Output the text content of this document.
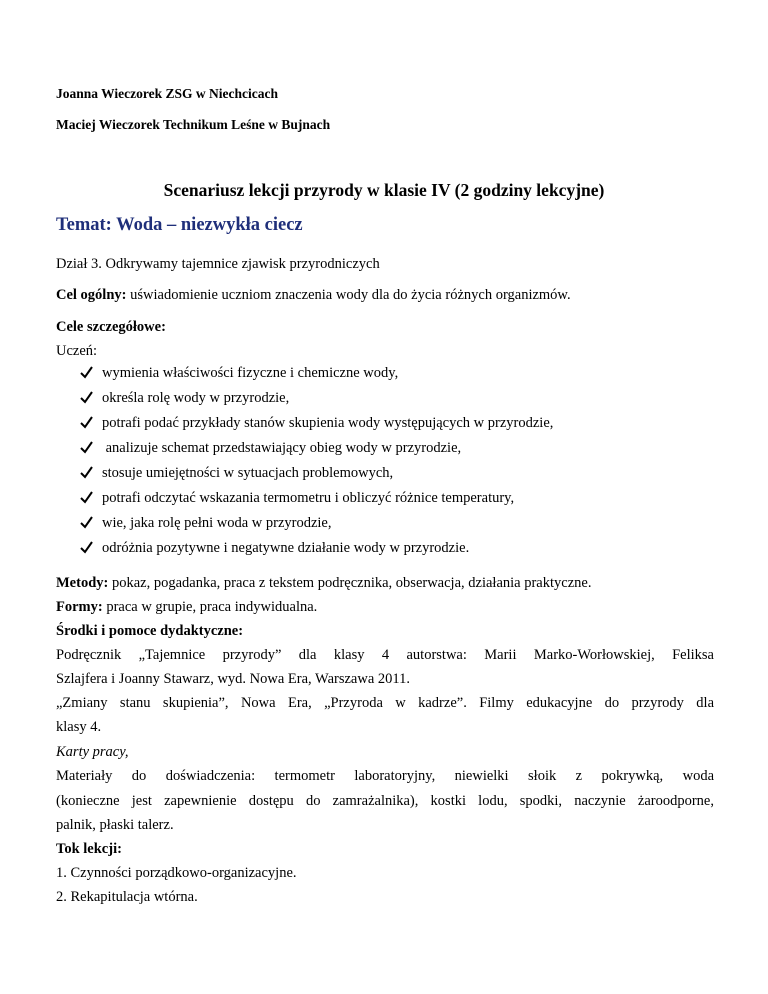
Joanna Wieczorek ZSG w Niechcicach
Maciej Wieczorek Technikum Leśne w Bujnach
Scenariusz lekcji przyrody w klasie IV (2 godziny lekcyjne)
Temat: Woda – niezwykła ciecz
Dział 3. Odkrywamy tajemnice zjawisk przyrodniczych
Cel ogólny: uświadomienie uczniom znaczenia wody dla do życia różnych organizmów.
Cele szczegółowe:
Uczeń:
wymienia właściwości fizyczne i chemiczne wody,
określa rolę wody w przyrodzie,
potrafi podać przykłady stanów skupienia wody występujących w przyrodzie,
analizuje schemat przedstawiający obieg wody w przyrodzie,
stosuje umiejętności w sytuacjach problemowych,
potrafi odczytać wskazania termometru i obliczyć różnice temperatury,
wie, jaka rolę pełni woda w przyrodzie,
odróżnia pozytywne i negatywne działanie wody w przyrodzie.
Metody: pokaz, pogadanka, praca z tekstem podręcznika, obserwacja, działania praktyczne.
Formy: praca w grupie, praca indywidualna.
Środki i pomoce dydaktyczne:
Podręcznik „Tajemnice przyrody” dla klasy 4 autorstwa: Marii Marko-Worłowskiej, Feliksa
Szlajfera i Joanny Stawarz, wyd. Nowa Era, Warszawa 2011.
„Zmiany stanu skupienia”, Nowa Era, „Przyroda w kadrze”. Filmy edukacyjne do przyrody dla
klasy 4.
Karty pracy,
Materiały do doświadczenia: termometr laboratoryjny, niewielki słoik z pokrywką, woda
(konieczne jest zapewnienie dostępu do zamrażalnika), kostki lodu, spodki, naczynie żaroodporne,
palnik, płaski talerz.
Tok lekcji:
1. Czynności porządkowo-organizacyjne.
2. Rekapitulacja wtórna.
